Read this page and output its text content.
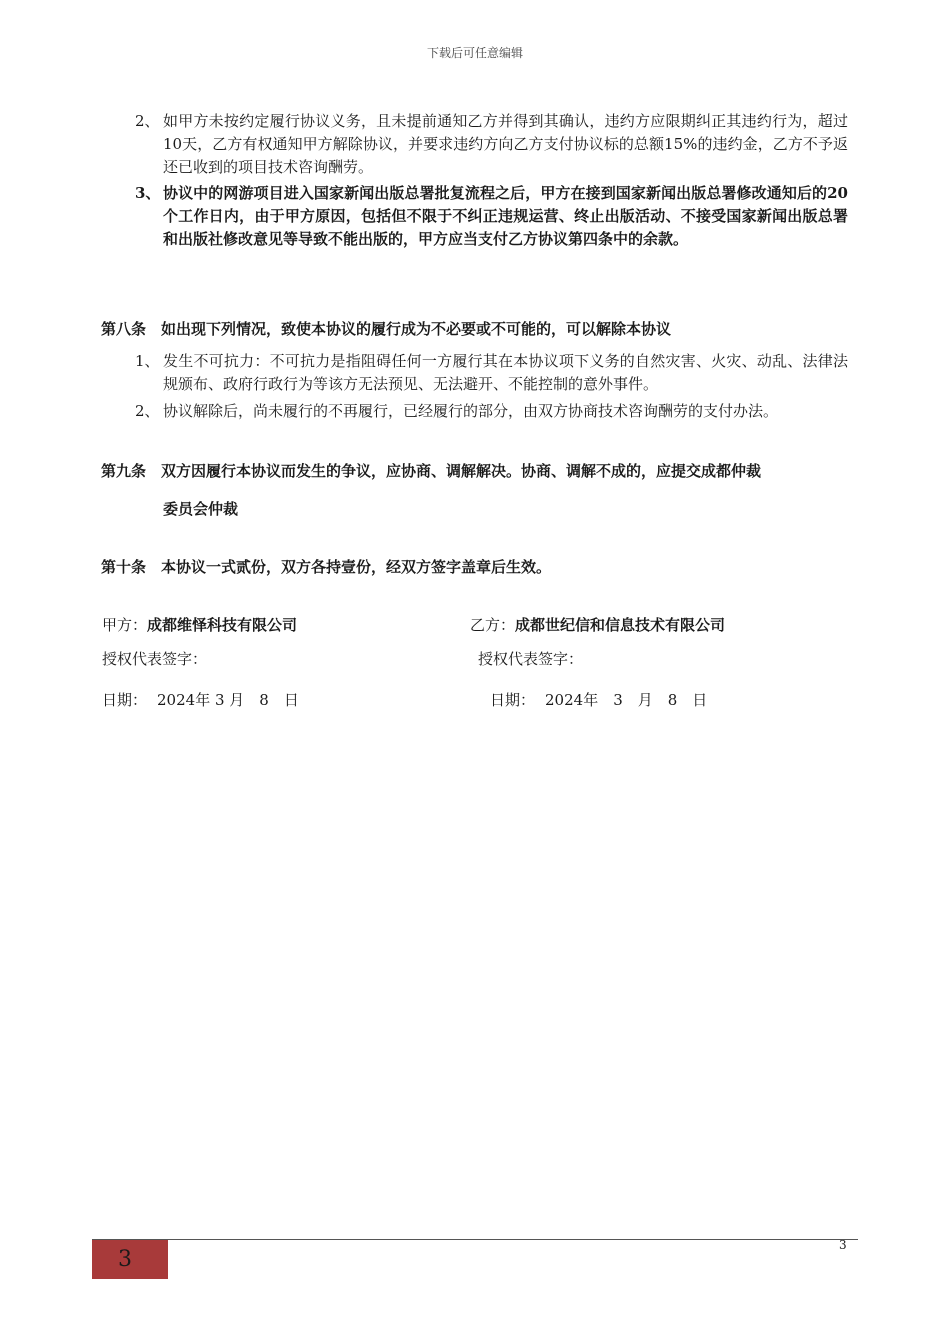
下载后可任意编辑
2、 如甲方未按约定履行协议义务，且未提前通知乙方并得到其确认，违约方应限期纠正其违约行为，超过10天，乙方有权通知甲方解除协议，并要求违约方向乙方支付协议标的总额15%的违约金，乙方不予返还已收到的项目技术咨询酬劳。
3、 协议中的网游项目进入国家新闻出版总署批复流程之后，甲方在接到国家新闻出版总署修改通知后的20个工作日内，由于甲方原因，包括但不限于不纠正违规运营、终止出版活动、不接受国家新闻出版总署和出版社修改意见等导致不能出版的，甲方应当支付乙方协议第四条中的余款。
第八条　如出现下列情况，致使本协议的履行成为不必要或不可能的，可以解除本协议
1、 发生不可抗力：不可抗力是指阻碍任何一方履行其在本协议项下义务的自然灾害、火灾、动乱、法律法规颁布、政府行政行为等该方无法预见、无法避开、不能控制的意外事件。
2、 协议解除后，尚未履行的不再履行，已经履行的部分，由双方协商技术咨询酬劳的支付办法。
第九条　双方因履行本协议而发生的争议，应协商、调解解决。协商、调解不成的，应提交成都仲裁
委员会仲裁
第十条　本协议一式贰份，双方各持壹份，经双方签字盖章后生效。
甲方：成都维怿科技有限公司	乙方：成都世纪信和信息技术有限公司
授权代表签字：	授权代表签字：
日期： 2024年 3 月　8　日	日期： 2024年　3　月　8　日
3
3
